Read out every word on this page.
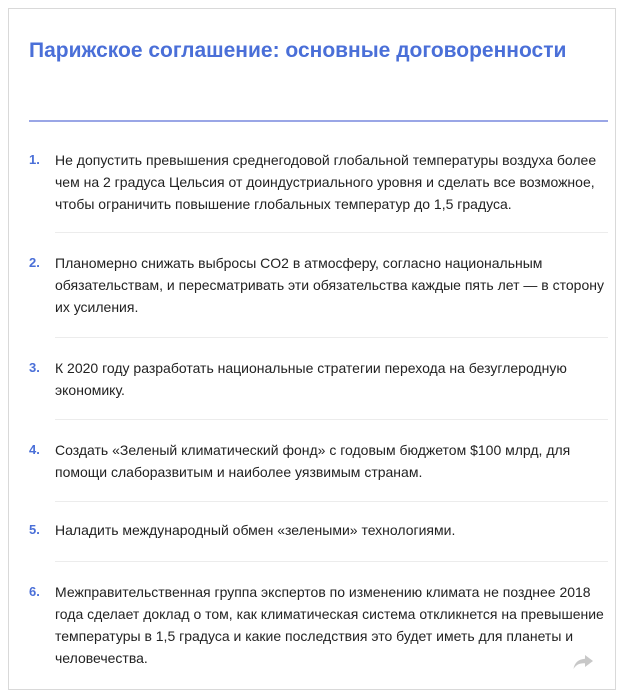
Парижское соглашение: основные договоренности
1. Не допустить превышения среднегодовой глобальной температуры воздуха более чем на 2 градуса Цельсия от доиндустриального уровня и сделать все возможное, чтобы ограничить повышение глобальных температур до 1,5 градуса.
2. Планомерно снижать выбросы CO2 в атмосферу, согласно национальным обязательствам, и пересматривать эти обязательства каждые пять лет — в сторону их усиления.
3. К 2020 году разработать национальные стратегии перехода на безуглеродную экономику.
4. Создать «Зеленый климатический фонд» с годовым бюджетом $100 млрд, для помощи слаборазвитым и наиболее уязвимым странам.
5. Наладить международный обмен «зелеными» технологиями.
6. Межправительственная группа экспертов по изменению климата не позднее 2018 года сделает доклад о том, как климатическая система откликнется на превышение температуры в 1,5 градуса и какие последствия это будет иметь для планеты и человечества.
